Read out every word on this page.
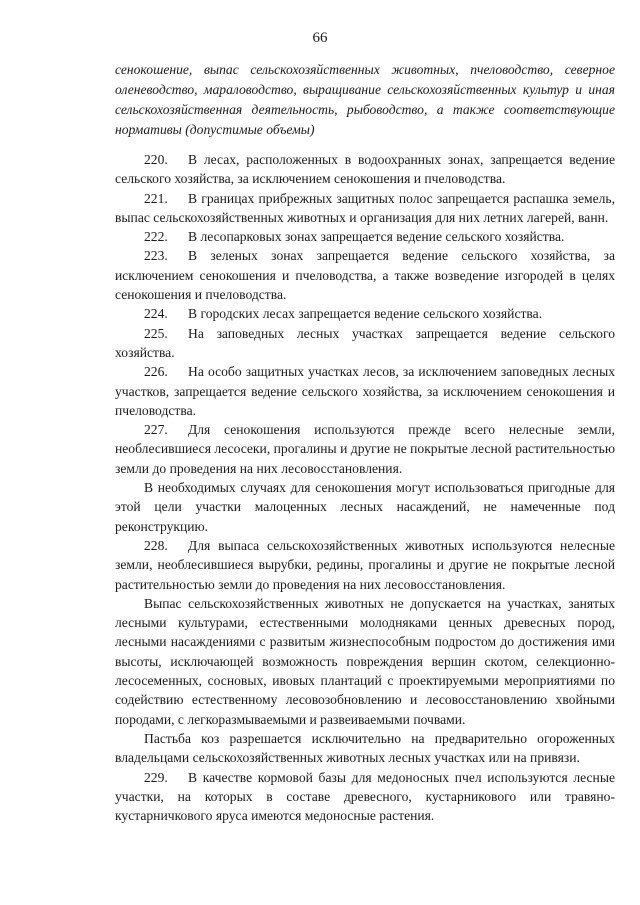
66

сенокошение, выпас сельскохозяйственных животных, пчеловодство, северное оленеводство, мараловодство, выращивание сельскохозяйственных культур и иная сельскохозяйственная деятельность, рыбоводство, а также соответствующие нормативы (допустимые объемы)

220. В лесах, расположенных в водоохранных зонах, запрещается ведение сельского хозяйства, за исключением сенокошения и пчеловодства.

221. В границах прибрежных защитных полос запрещается распашка земель, выпас сельскохозяйственных животных и организация для них летних лагерей, ванн.

222. В лесопарковых зонах запрещается ведение сельского хозяйства.

223. В зеленых зонах запрещается ведение сельского хозяйства, за исключением сенокошения и пчеловодства, а также возведение изгородей в целях сенокошения и пчеловодства.

224. В городских лесах запрещается ведение сельского хозяйства.

225. На заповедных лесных участках запрещается ведение сельского хозяйства.

226. На особо защитных участках лесов, за исключением заповедных лесных участков, запрещается ведение сельского хозяйства, за исключением сенокошения и пчеловодства.

227. Для сенокошения используются прежде всего нелесные земли, необлесившиеся лесосеки, прогалины и другие не покрытые лесной растительностью земли до проведения на них лесовосстановления.

В необходимых случаях для сенокошения могут использоваться пригодные для этой цели участки малоценных лесных насаждений, не намеченные под реконструкцию.

228. Для выпаса сельскохозяйственных животных используются нелесные земли, необлесившиеся вырубки, редины, прогалины и другие не покрытые лесной растительностью земли до проведения на них лесовосстановления.

Выпас сельскохозяйственных животных не допускается на участках, занятых лесными культурами, естественными молодняками ценных древесных пород, лесными насаждениями с развитым жизнеспособным подростом до достижения ими высоты, исключающей возможность повреждения вершин скотом, селекционно-лесосеменных, сосновых, ивовых плантаций с проектируемыми мероприятиями по содействию естественному лесовозобновлению и лесовосстановлению хвойными породами, с легкоразмываемыми и развеиваемыми почвами.

Пастьба коз разрешается исключительно на предварительно огороженных владельцами сельскохозяйственных животных лесных участках или на привязи.

229. В качестве кормовой базы для медоносных пчел используются лесные участки, на которых в составе древесного, кустарникового или травяно-кустарничкового яруса имеются медоносные растения.
